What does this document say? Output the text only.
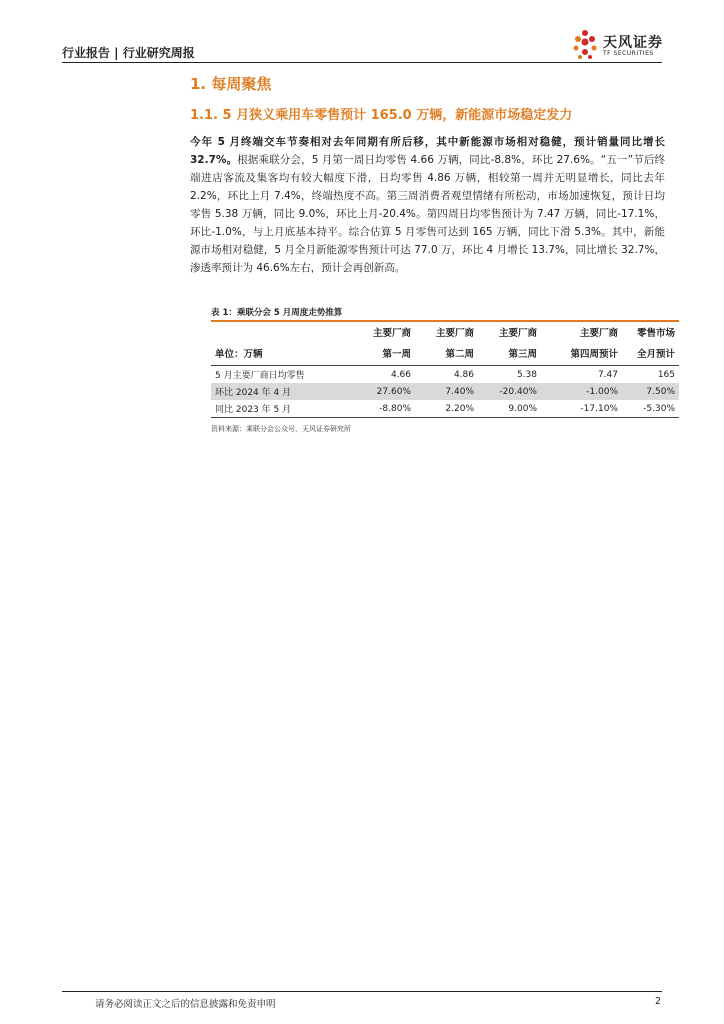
行业报告 | 行业研究周报
天风证券
TF SECURITIES
1. 每周聚焦
1.1. 5 月狭义乘用车零售预计 165.0 万辆，新能源市场稳定发力

今年 5 月终端交车节奏相对去年同期有所后移，其中新能源市场相对稳健，预计销量同比增长 32.7%。根据乘联分会，5 月第一周日均零售 4.66 万辆，同比-8.8%，环比 27.6%。“五一”节后终端进店客流及集客均有较大幅度下滑，日均零售 4.86 万辆，相较第一周并无明显增长，同比去年 2.2%，环比上月 7.4%，终端热度不高。第三周消费者观望情绪有所松动，市场加速恢复，预计日均零售 5.38 万辆，同比 9.0%，环比上月-20.4%。第四周日均零售预计为 7.47 万辆，同比-17.1%，环比-1.0%，与上月底基本持平。综合估算 5 月零售可达到 165 万辆，同比下滑 5.3%。其中，新能源市场相对稳健，5 月全月新能源零售预计可达 77.0 万，环比 4 月增长 13.7%，同比增长 32.7%，渗透率预计为 46.6%左右，预计会再创新高。

表 1：乘联分会 5 月周度走势推算
	主要厂商	主要厂商	主要厂商	主要厂商	零售市场
单位：万辆	第一周	第二周	第三周	第四周预计	全月预计
5 月主要厂商日均零售	4.66	4.86	5.38	7.47	165
环比 2024 年 4 月	27.60%	7.40%	-20.40%	-1.00%	7.50%
同比 2023 年 5 月	-8.80%	2.20%	9.00%	-17.10%	-5.30%
资料来源：乘联分会公众号，天风证券研究所
请务必阅读正文之后的信息披露和免责申明	2
